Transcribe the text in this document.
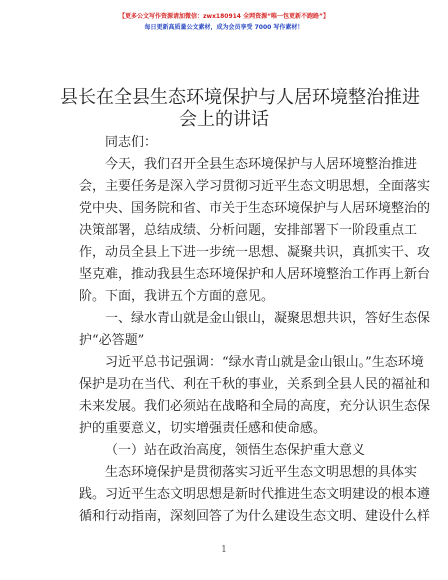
【更多公文写作资源请加微信：zwx180914 全网资源“唯一包更新不跑路”】
每日更新高质量公文素材，成为会员享受 7000 写作素材！
县长在全县生态环境保护与人居环境整治推进
会上的讲话
同志们：
今天，我们召开全县生态环境保护与人居环境整治推进
会，主要任务是深入学习贯彻习近平生态文明思想，全面落实
党中央、国务院和省、市关于生态环境保护与人居环境整治的
决策部署，总结成绩、分析问题，安排部署下一阶段重点工
作，动员全县上下进一步统一思想、凝聚共识，真抓实干、攻
坚克难，推动我县生态环境保护和人居环境整治工作再上新台
阶。下面，我讲五个方面的意见。
一、绿水青山就是金山银山，凝聚思想共识，答好生态保
护“必答题”
习近平总书记强调：“绿水青山就是金山银山。”生态环境
保护是功在当代、利在千秋的事业，关系到全县人民的福祉和
未来发展。我们必须站在战略和全局的高度，充分认识生态保
护的重要意义，切实增强责任感和使命感。
（一）站在政治高度，领悟生态保护重大意义
生态环境保护是贯彻落实习近平生态文明思想的具体实
践。习近平生态文明思想是新时代推进生态文明建设的根本遵
循和行动指南，深刻回答了为什么建设生态文明、建设什么样
1
